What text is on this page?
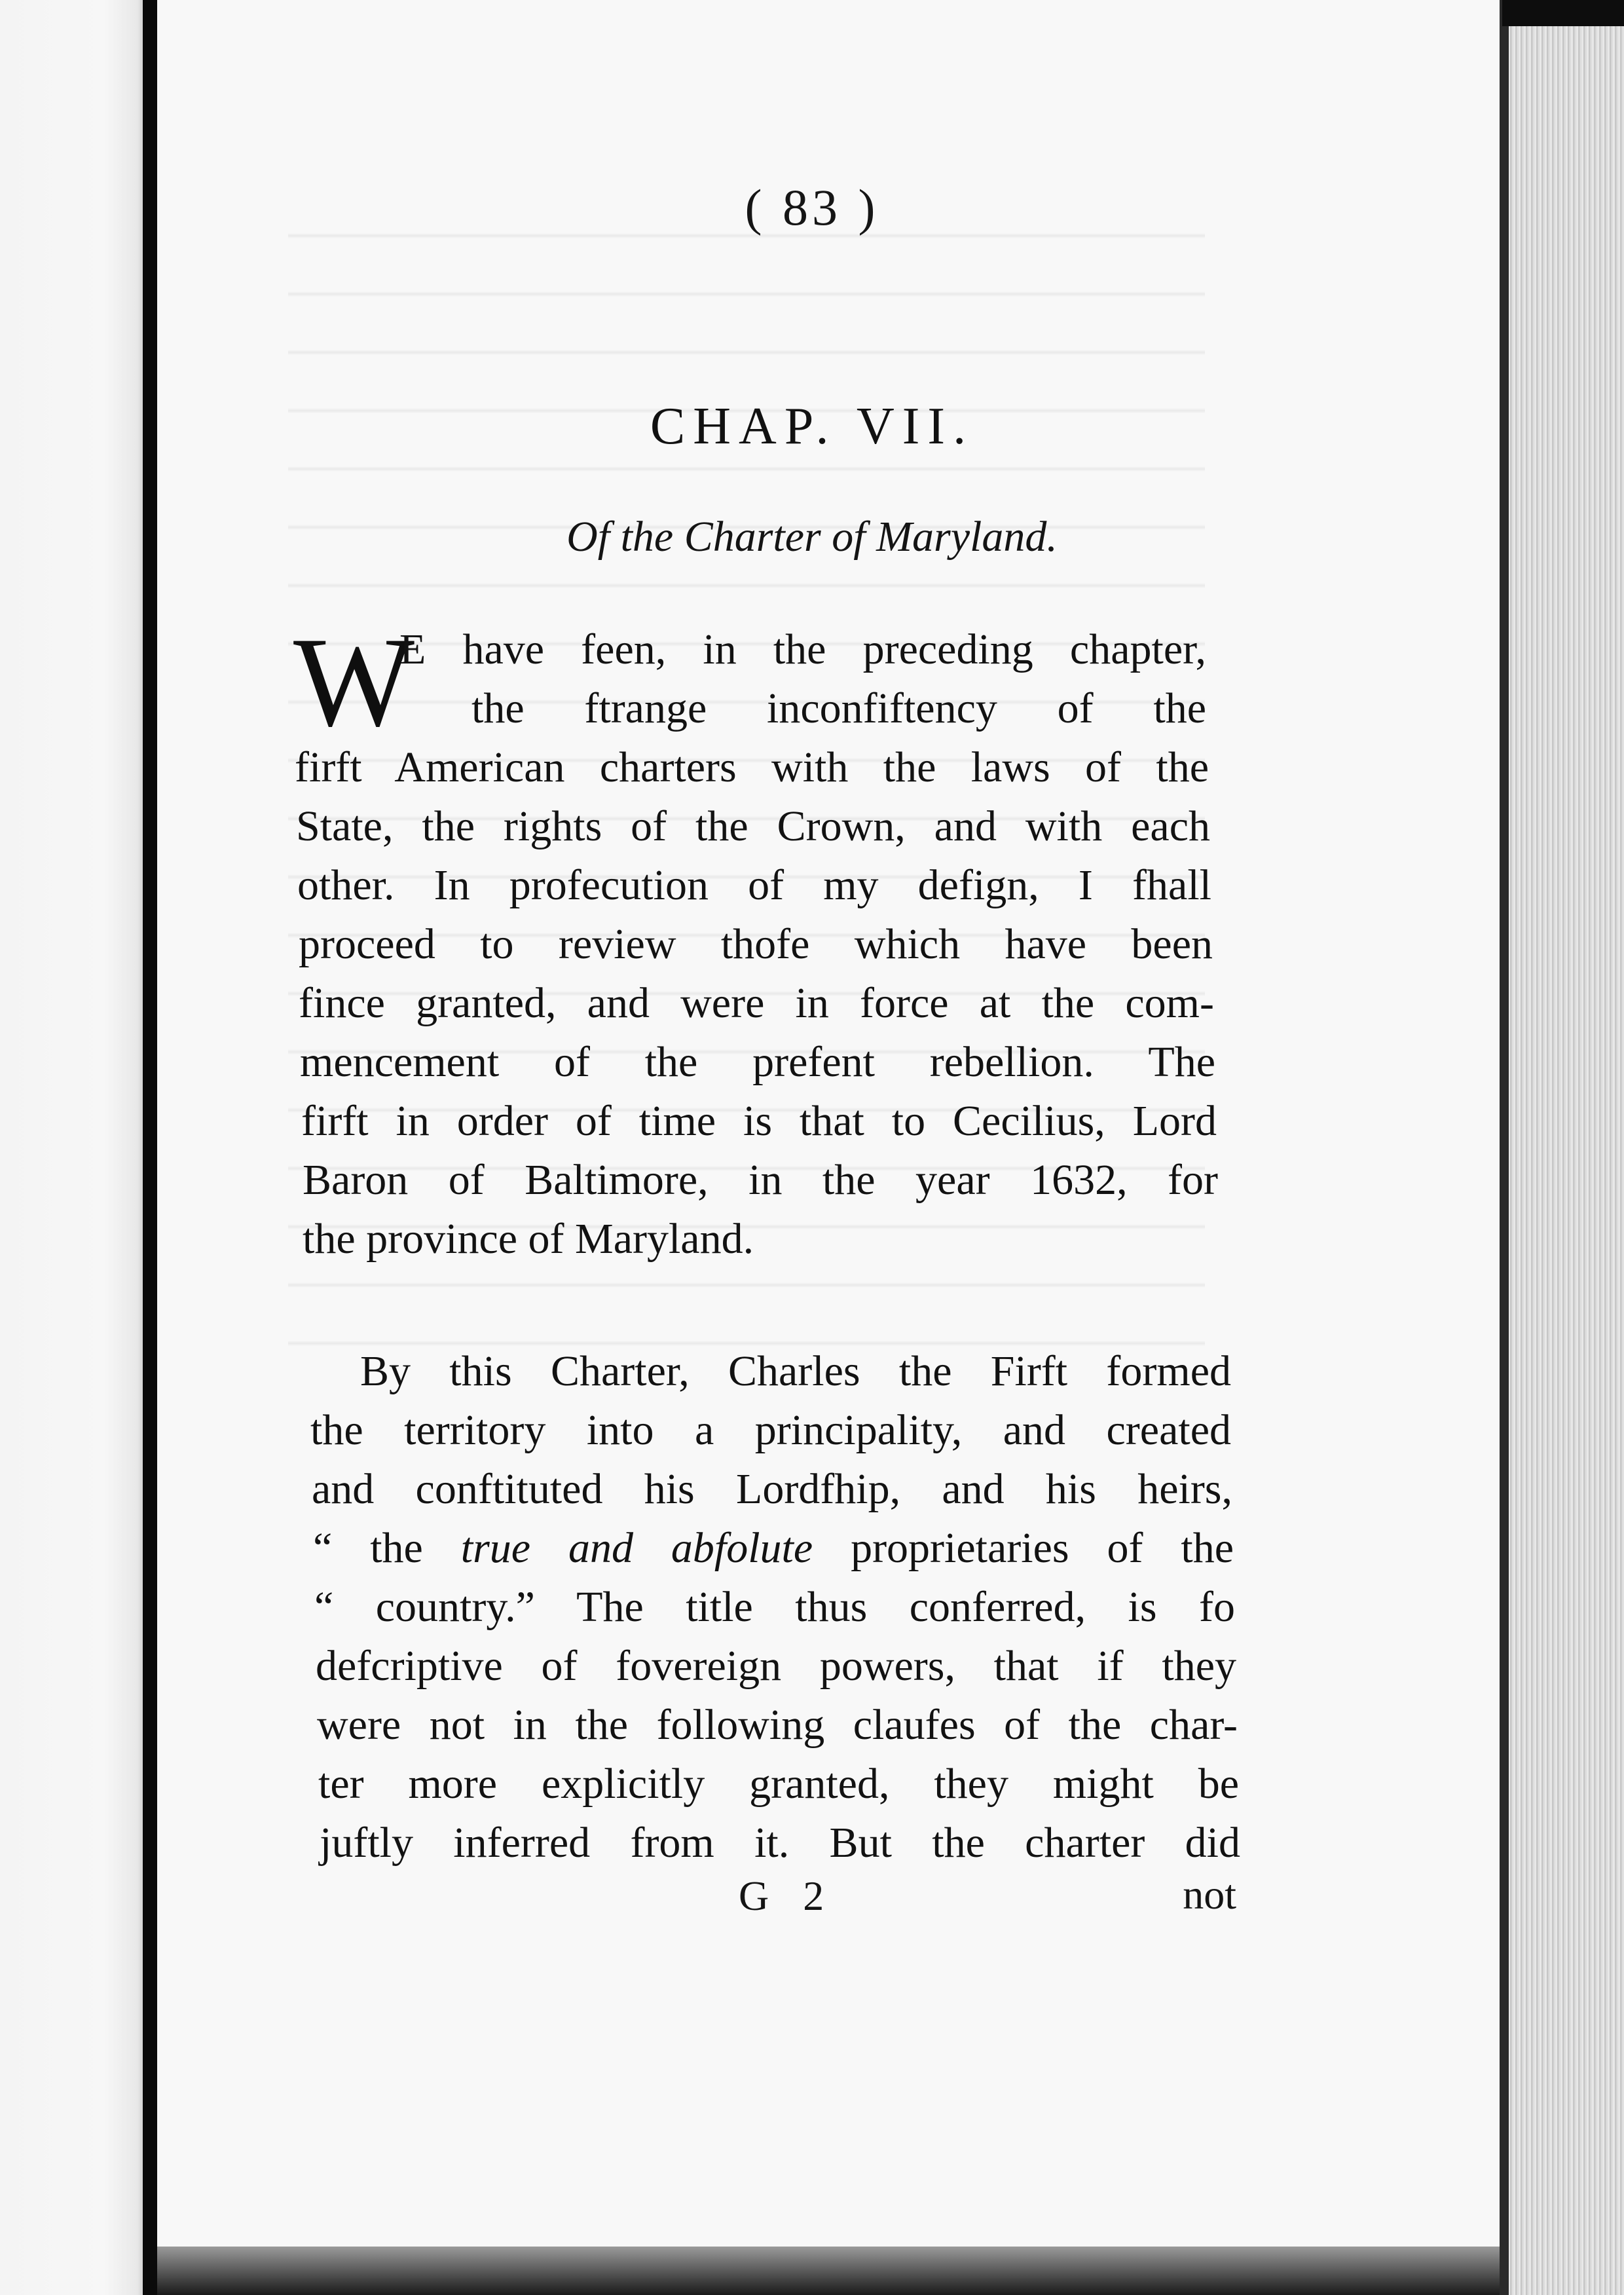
( 83 )
CHAP. VII.
Of the Charter of Maryland.
W
E have feen, in the preceding chapter,
the ftrange inconfiftency of the
firft American charters with the laws of the
State, the rights of the Crown, and with each
other. In profecution of my defign, I fhall
proceed to review thofe which have been
fince granted, and were in force at the com-
mencement of the prefent rebellion. The
firft in order of time is that to Cecilius, Lord
Baron of Baltimore, in the year 1632, for
the province of Maryland.
By this Charter, Charles the Firft formed
the territory into a principality, and created
and conftituted his Lordfhip, and his heirs,
“ the true and abfolute proprietaries of the
“ country.” The title thus conferred, is fo
defcriptive of fovereign powers, that if they
were not in the following claufes of the char-
ter more explicitly granted, they might be
juftly inferred from it. But the charter did
G 2	not
